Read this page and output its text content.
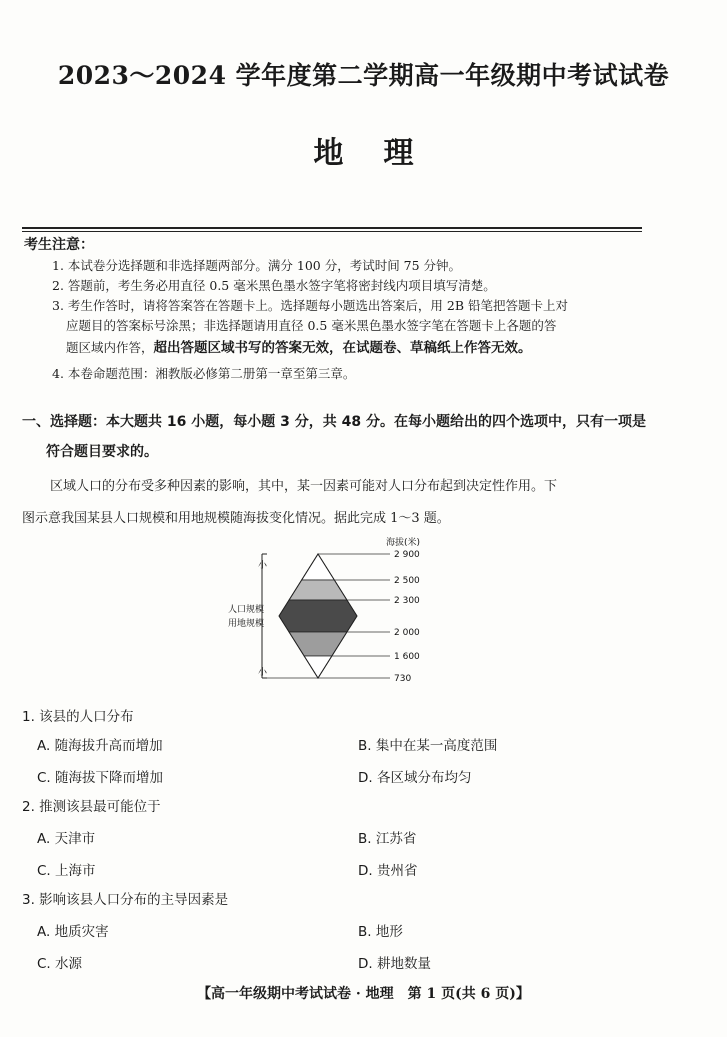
2023～2024 学年度第二学期高一年级期中考试试卷
地 理
考生注意：
1. 本试卷分选择题和非选择题两部分。满分 100 分，考试时间 75 分钟。
2. 答题前，考生务必用直径 0.5 毫米黑色墨水签字笔将密封线内项目填写清楚。
3. 考生作答时，请将答案答在答题卡上。选择题每小题选出答案后，用 2B 铅笔把答题卡上对
应题目的答案标号涂黑；非选择题请用直径 0.5 毫米黑色墨水签字笔在答题卡上各题的答
题区域内作答，超出答题区域书写的答案无效，在试题卷、草稿纸上作答无效。
4. 本卷命题范围：湘教版必修第二册第一章至第三章。
一、选择题：本大题共 16 小题，每小题 3 分，共 48 分。在每小题给出的四个选项中，只有一项是
符合题目要求的。
区域人口的分布受多种因素的影响，其中，某一因素可能对人口分布起到决定性作用。下
图示意我国某县人口规模和用地规模随海拔变化情况。据此完成 1～3 题。
小
小
人口规模
用地规模
海拔(米)
2 900
2 500
2 300
2 000
1 600
730
1. 该县的人口分布
A. 随海拔升高而增加	B. 集中在某一高度范围
C. 随海拔下降而增加	D. 各区域分布均匀
2. 推测该县最可能位于
A. 天津市	B. 江苏省
C. 上海市	D. 贵州省
3. 影响该县人口分布的主导因素是
A. 地质灾害	B. 地形
C. 水源	D. 耕地数量
【高一年级期中考试试卷 · 地理　第 1 页(共 6 页)】
